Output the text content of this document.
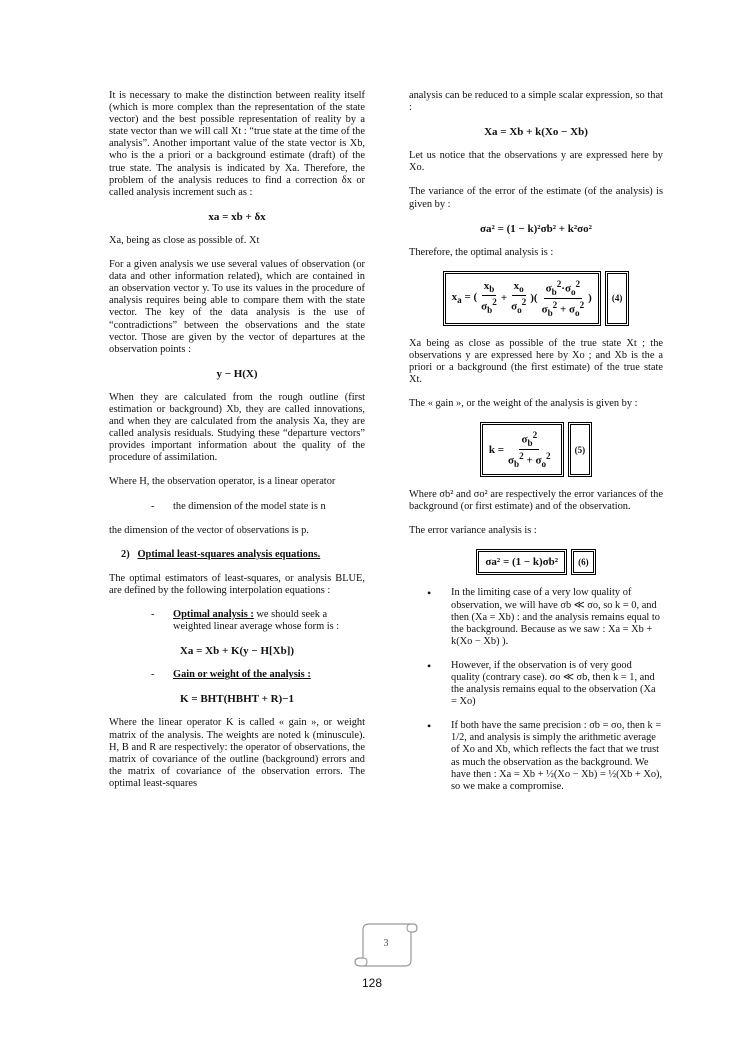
It is necessary to make the distinction between reality itself (which is more complex than the representation of the state vector) and the best possible representation of reality by a state vector than we will call Xt : “true state at the time of the analysis”. Another important value of the state vector is Xb, who is the a priori or a background estimate (draft) of the true state. The analysis is indicated by Xa. Therefore, the problem of the analysis reduces to find a correction δx or called analysis increment such as :

xa = xb + δx

Xa, being as close as possible of. Xt

For a given analysis we use several values of observation (or data and other information related), which are contained in an observation vector y. To use its values in the procedure of analysis requires being able to compare them with the state vector. The key of the data analysis is the use of “contradictions” between the observations and the state vector. Those are given by the vector of departures at the observation points :

y − H(X)

When they are calculated from the rough outline (first estimation or background) Xb, they are called innovations, and when they are calculated from the analysis Xa, they are called analysis residuals. Studying these “departure vectors” provides important information about the quality of the procedure of assimilation.

Where H, the observation operator, is a linear operator

- the dimension of the model state is n

the dimension of the vector of observations is p.

2) Optimal least-squares analysis equations.

The optimal estimators of least-squares, or analysis BLUE, are defined by the following interpolation equations :

- Optimal analysis : we should seek a weighted linear average whose form is :
Xa = Xb + K(y − H[Xb])
- Gain or weight of the analysis :
K = BHT(HBHT + R)−1

Where the linear operator K is called « gain », or weight matrix of the analysis. The weights are noted k (minuscule). H, B and R are respectively: the operator of observations, the matrix of covariance of the outline (background) errors and the matrix of covariance of the observation errors. The optimal least-squares

analysis can be reduced to a simple scalar expression, so that :

Xa = Xb + k(Xo − Xb)

Let us notice that the observations y are expressed here by Xo.

The variance of the error of the estimate (of the analysis) is given by :

σa² = (1 − k)²σb² + k²σo²

Therefore, the optimal analysis is :

$x_a$ = ( $\frac{x_b}{\sigma_b^2} + \frac{x_o}{\sigma_o^2}$ )( $\frac{\sigma_b^2\cdot\sigma_o^2}{\sigma_b^2 + \sigma_o^2}$ )	(4)

Xa being as close as possible of the true state Xt ; the observations y are expressed here by Xo ; and Xb is the a priori or a background (the first estimate) of the true state Xt.

The « gain », or the weight of the analysis is given by :

$k = \frac{\sigma_b^2}{\sigma_b^2 + \sigma_o^2}$	(5)

Where σb² and σo² are respectively the error variances of the background (or first estimate) and of the observation.

The error variance analysis is :

σa² = (1 − k)σb²	(6)
• In the limiting case of a very low quality of observation, we will have σb ≪ σo, so k = 0, and then (Xa = Xb) : and the analysis remains equal to the background. Because as we saw : Xa = Xb + k(Xo − Xb) ).
• However, if the observation is of very good quality (contrary case). σo ≪ σb, then k = 1, and the analysis remains equal to the observation (Xa = Xo)
• If both have the same precision : σb = σo, then k = 1/2, and analysis is simply the arithmetic average of Xo and Xb, which reflects the fact that we trust as much the observation as the background. We have then : Xa = Xb + ½(Xo − Xb) = ½(Xb + Xo), so we make a compromise.
3
128
